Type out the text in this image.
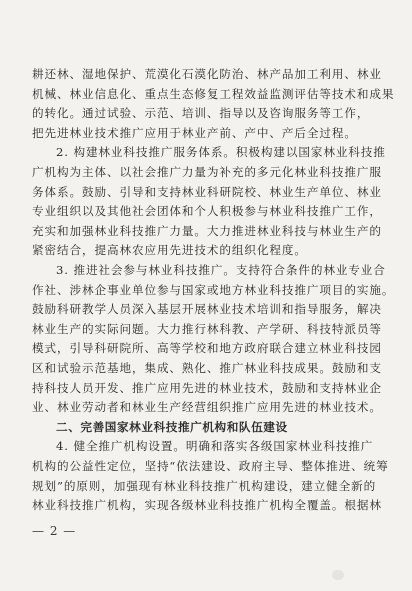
耕还林、湿地保护、荒漠化石漠化防治、林产品加工利用、林业
机械、林业信息化、重点生态修复工程效益监测评估等技术和成果
的转化。通过试验、示范、培训、指导以及咨询服务等工作，
把先进林业技术推广应用于林业产前、产中、产后全过程。
2. 构建林业科技推广服务体系。积极构建以国家林业科技推
广机构为主体、以社会推广力量为补充的多元化林业科技推广服
务体系。鼓励、引导和支持林业科研院校、林业生产单位、林业
专业组织以及其他社会团体和个人积极参与林业科技推广工作，
充实和加强林业科技推广力量。大力推进林业科技与林业生产的
紧密结合，提高林农应用先进技术的组织化程度。
3. 推进社会参与林业科技推广。支持符合条件的林业专业合
作社、涉林企事业单位参与国家或地方林业科技推广项目的实施。
鼓励科研教学人员深入基层开展林业技术培训和指导服务，解决
林业生产的实际问题。大力推行林科教、产学研、科技特派员等
模式，引导科研院所、高等学校和地方政府联合建立林业科技园
区和试验示范基地，集成、熟化、推广林业科技成果。鼓励和支
持科技人员开发、推广应用先进的林业技术，鼓励和支持林业企
业、林业劳动者和林业生产经营组织推广应用先进的林业技术。
二、完善国家林业科技推广机构和队伍建设
4. 健全推广机构设置。明确和落实各级国家林业科技推广
机构的公益性定位，坚持“依法建设、政府主导、整体推进、统筹
规划”的原则，加强现有林业科技推广机构建设，建立健全新的
林业科技推广机构，实现各级林业科技推广机构全覆盖。根据林
— 2 —
